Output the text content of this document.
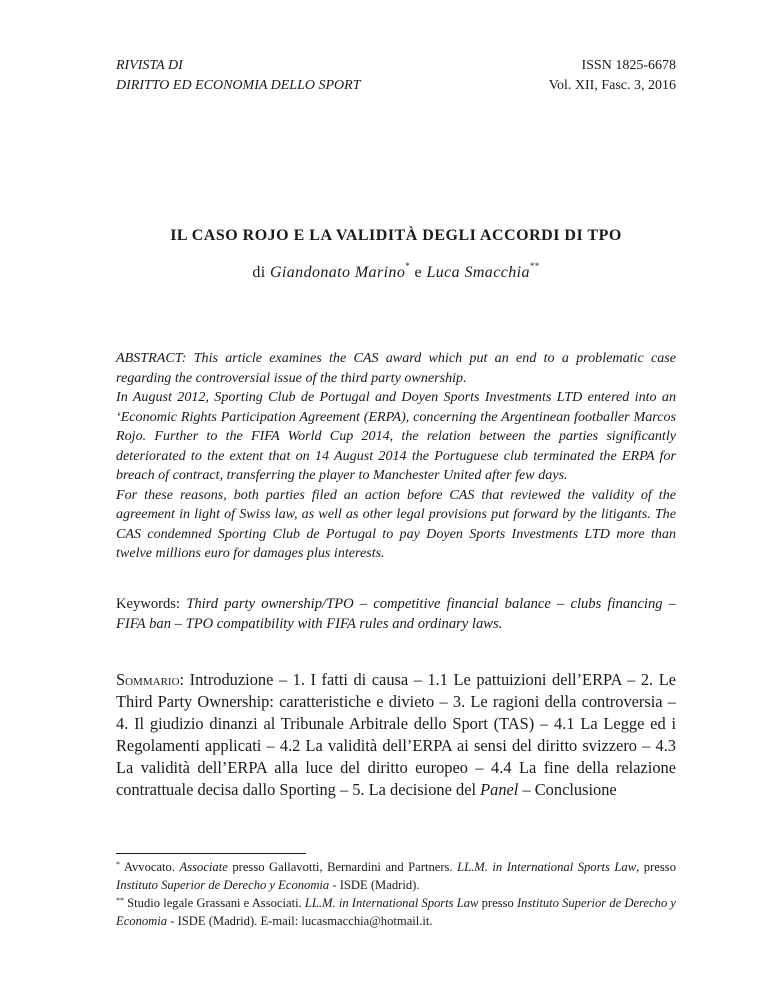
RIVISTA DI
DIRITTO ED ECONOMIA DELLO SPORT
ISSN 1825-6678
Vol. XII, Fasc. 3, 2016
IL CASO ROJO E LA VALIDITÀ DEGLI ACCORDI DI TPO
di Giandonato Marino* e Luca Smacchia**

ABSTRACT: This article examines the CAS award which put an end to a problematic case regarding the controversial issue of the third party ownership.

In August 2012, Sporting Club de Portugal and Doyen Sports Investments LTD entered into an ‘Economic Rights Participation Agreement (ERPA), concerning the Argentinean footballer Marcos Rojo. Further to the FIFA World Cup 2014, the relation between the parties significantly deteriorated to the extent that on 14 August 2014 the Portuguese club terminated the ERPA for breach of contract, transferring the player to Manchester United after few days.

For these reasons, both parties filed an action before CAS that reviewed the validity of the agreement in light of Swiss law, as well as other legal provisions put forward by the litigants. The CAS condemned Sporting Club de Portugal to pay Doyen Sports Investments LTD more than twelve millions euro for damages plus interests.

Keywords: Third party ownership/TPO – competitive financial balance – clubs financing – FIFA ban – TPO compatibility with FIFA rules and ordinary laws.
Sommario: Introduzione – 1. I fatti di causa – 1.1 Le pattuizioni dell’ERPA – 2. Le Third Party Ownership: caratteristiche e divieto – 3. Le ragioni della controversia – 4. Il giudizio dinanzi al Tribunale Arbitrale dello Sport (TAS) – 4.1 La Legge ed i Regolamenti applicati – 4.2 La validità dell’ERPA ai sensi del diritto svizzero – 4.3 La validità dell’ERPA alla luce del diritto europeo – 4.4 La fine della relazione contrattuale decisa dallo Sporting – 5. La decisione del Panel – Conclusione

* Avvocato. Associate presso Gallavotti, Bernardini and Partners. LL.M. in International Sports Law, presso Instituto Superior de Derecho y Economia - ISDE (Madrid).

** Studio legale Grassani e Associati. LL.M. in International Sports Law presso Instituto Superior de Derecho y Economia - ISDE (Madrid). E-mail: lucasmacchia@hotmail.it.
